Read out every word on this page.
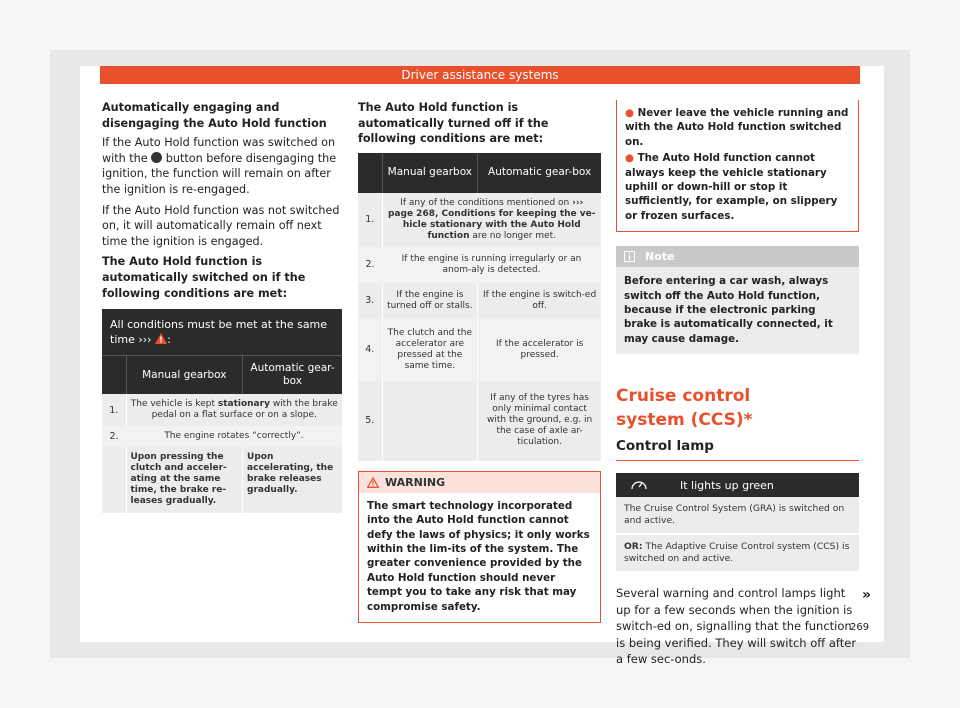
Driver assistance systems
Automatically engaging and disengaging the Auto Hold function

If the Auto Hold function was switched on with the button before disengaging the ignition, the function will remain on after the ignition is re-engaged.

If the Auto Hold function was not switched on, it will automatically remain off next time the ignition is engaged.

The Auto Hold function is automatically switched on if the following conditions are met:
All conditions must be met at the same time ››› :
	Manual gearbox	Automatic gear-box
1.	The vehicle is kept stationary with the brake pedal on a flat surface or on a slope.	
2.	The engine rotates “correctly”.	
	Upon pressing the clutch and acceler-ating at the same time, the brake re-leases gradually.	Upon accelerating, the brake releases gradually.
The Auto Hold function is automatically turned off if the following conditions are met:
	Manual gearbox	Automatic gear-box
1.	If any of the conditions mentioned on ››› page 268, Conditions for keeping the ve-hicle stationary with the Auto Hold function are no longer met.	
2.	If the engine is running irregularly or an anom-aly is detected.	
3.	If the engine is turned off or stalls.	If the engine is switch-ed off.
4.	The clutch and the accelerator are pressed at the same time.	If the accelerator is pressed.
5.		If any of the tyres has only minimal contact with the ground, e.g. in the case of axle ar-ticulation.
WARNING
The smart technology incorporated into the Auto Hold function cannot defy the laws of physics; it only works within the lim-its of the system. The greater convenience provided by the Auto Hold function should never tempt you to take any risk that may compromise safety.
● Never leave the vehicle running and with the Auto Hold function switched on.
● The Auto Hold function cannot always keep the vehicle stationary uphill or down-hill or stop it sufficiently, for example, on slippery or frozen surfaces.
Note
Before entering a car wash, always switch off the Auto Hold function, because if the electronic parking brake is automatically connected, it may cause damage.
Cruise control system (CCS)*
Control lamp
It lights up green
The Cruise Control System (GRA) is switched on and active.
OR: The Adaptive Cruise Control system (CCS) is switched on and active.

Several warning and control lamps light up for a few seconds when the ignition is switch-ed on, signalling that the function is being verified. They will switch off after a few sec-onds.

»
269
